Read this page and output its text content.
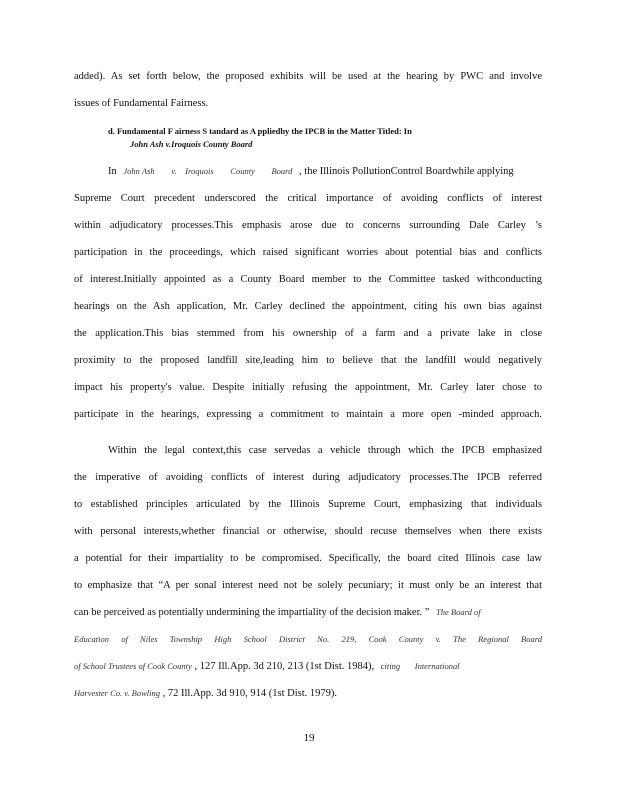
added). As set forth below, the proposed exhibits will be used at the hearing by PWC and involve
issues of Fundamental Fairness.
d. Fundamental F airness S tandard as A ppliedby the IPCB in the Matter Titled: In
John Ash v.Iroquois County Board
In John Ash v. Iroquois County Board , the Illinois PollutionControl Boardwhile applying
Supreme Court precedent underscored the critical importance of avoiding conflicts of interest
within adjudicatory processes.This emphasis arose due to concerns surrounding Dale Carley ’s
participation in the proceedings, which raised significant worries about potential bias and conflicts
of interest.Initially appointed as a County Board member to the Committee tasked withconducting
hearings on the Ash application, Mr. Carley declined the appointment, citing his own bias against
the application.This bias stemmed from his ownership of a farm and a private lake in close
proximity to the proposed landfill site,leading him to believe that the landfill would negatively
impact his property's value. Despite initially refusing the appointment, Mr. Carley later chose to
participate in the hearings, expressing a commitment to maintain a more open -minded approach.
Within the legal context,this case servedas a vehicle through which the IPCB emphasized
the imperative of avoiding conflicts of interest during adjudicatory processes.The IPCB referred
to established principles articulated by the Illinois Supreme Court, emphasizing that individuals
with personal interests,whether financial or otherwise, should recuse themselves when there exists
a potential for their impartiality to be compromised. Specifically, the board cited Illinois case law
to emphasize that “A per sonal interest need not be solely pecuniary; it must only be an interest that
can be perceived as potentially undermining the impartiality of the decision maker. ” The Board of
Education of Niles Township High School District No. 219, Cook County v. The Regional Board
of School Trustees of Cook County , 127 Ill.App. 3d 210, 213 (1st Dist. 1984), citing International
Harvester Co. v. Bowling , 72 Ill.App. 3d 910, 914 (1st Dist. 1979).
19
